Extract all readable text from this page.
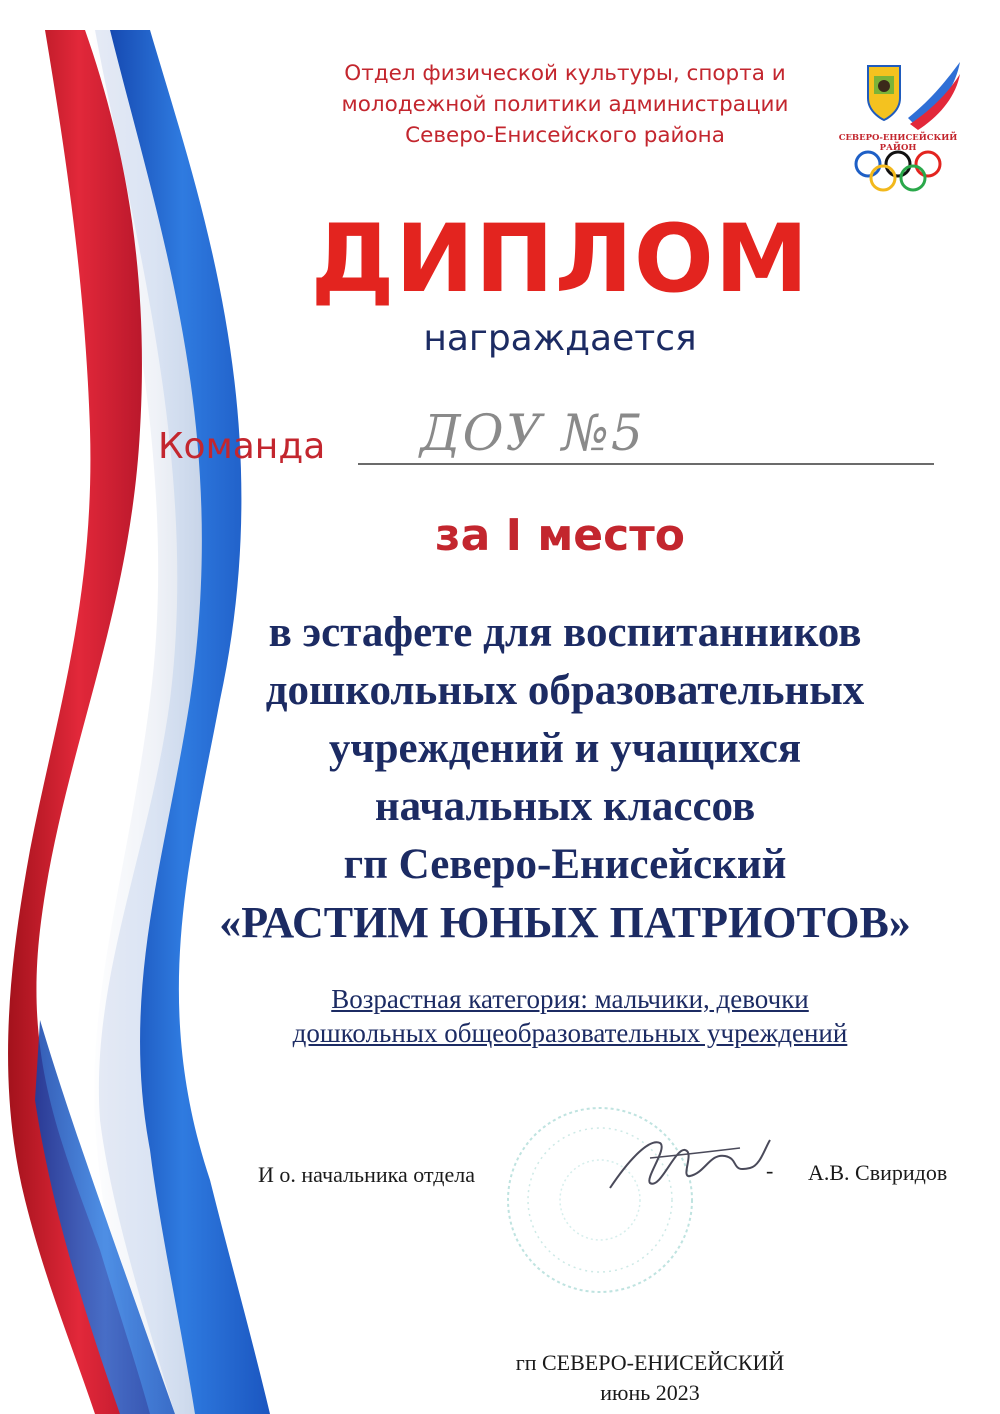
Отдел физической культуры, спорта и
молодежной политики администрации
Северо-Енисейского района	СЕВЕРО-ЕНИСЕЙСКИЙ
РАЙОН
ДИПЛОМ
награждается
Команда ДОУ №5
за I место
в эстафете для воспитанников
дошкольных образовательных
учреждений и учащихся
начальных классов
гп Северо-Енисейский
«РАСТИМ ЮНЫХ ПАТРИОТОВ»
Возрастная категория: мальчики, девочки
дошкольных общеобразовательных учреждений
И о. начальника отдела	- А.В. Свиридов
гп СЕВЕРО-ЕНИСЕЙСКИЙ
июнь 2023
